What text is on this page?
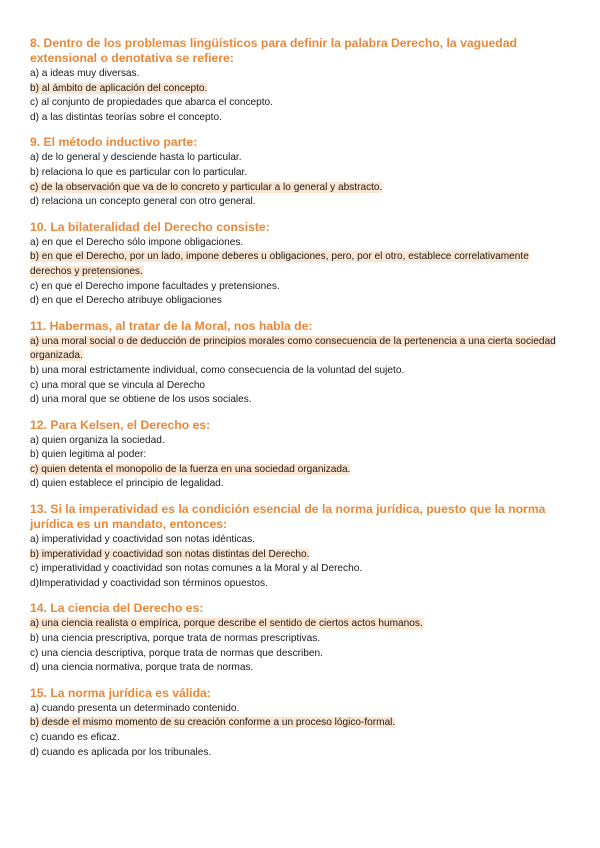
8. Dentro de los problemas lingüísticos para definir la palabra Derecho, la vaguedad extensional o denotativa se refiere:

a) a ideas muy diversas.

b) al ámbito de aplicación del concepto.

c) al conjunto de propiedades que abarca el concepto.

d) a las distintas teorías sobre el concepto.

9. El método inductivo parte:

a) de lo general y desciende hasta lo particular.

b) relaciona lo que es particular con lo particular.

c) de la observación que va de lo concreto y particular a lo general y abstracto.

d) relaciona un concepto general con otro general.

10. La bilateralidad del Derecho consiste:

a) en que el Derecho sólo impone obligaciones.

b) en que el Derecho, por un lado, impone deberes u obligaciones, pero, por el otro, establece correlativamente derechos y pretensiones.

c) en que el Derecho impone facultades y pretensiones.

d) en que el Derecho atribuye obligaciones

11. Habermas, al tratar de la Moral, nos habla de:

a) una moral social o de deducción de principios morales como consecuencia de la pertenencia a una cierta sociedad organizada.

b) una moral estrictamente individual, como consecuencia de la voluntad del sujeto.

c) una moral que se vincula al Derecho

d) una moral que se obtiene de los usos sociales.

12. Para Kelsen, el Derecho es:

a) quien organiza la sociedad.

b) quien legitima al poder:

c) quien detenta el monopolio de la fuerza en una sociedad organizada.

d) quien establece el principio de legalidad.

13. Si la imperatividad es la condición esencial de la norma jurídica, puesto que la norma jurídica es un mandato, entonces:

a) imperatividad y coactividad son notas idénticas.

b) imperatividad y coactividad son notas distintas del Derecho.

c) imperatividad y coactividad son notas comunes a la Moral y al Derecho.

d)Imperatividad y coactividad son términos opuestos.

14. La ciencia del Derecho es:

a) una ciencia realista o empírica, porque describe el sentido de ciertos actos humanos.

b) una ciencia prescriptiva, porque trata de normas prescriptivas.

c) una ciencia descriptiva, porque trata de normas que describen.

d) una ciencia normativa, porque trata de normas.

15. La norma jurídica es válida:

a) cuando presenta un determinado contenido.

b) desde el mismo momento de su creación conforme a un proceso lógico-formal.

c) cuando es eficaz.

d) cuando es aplicada por los tribunales.
